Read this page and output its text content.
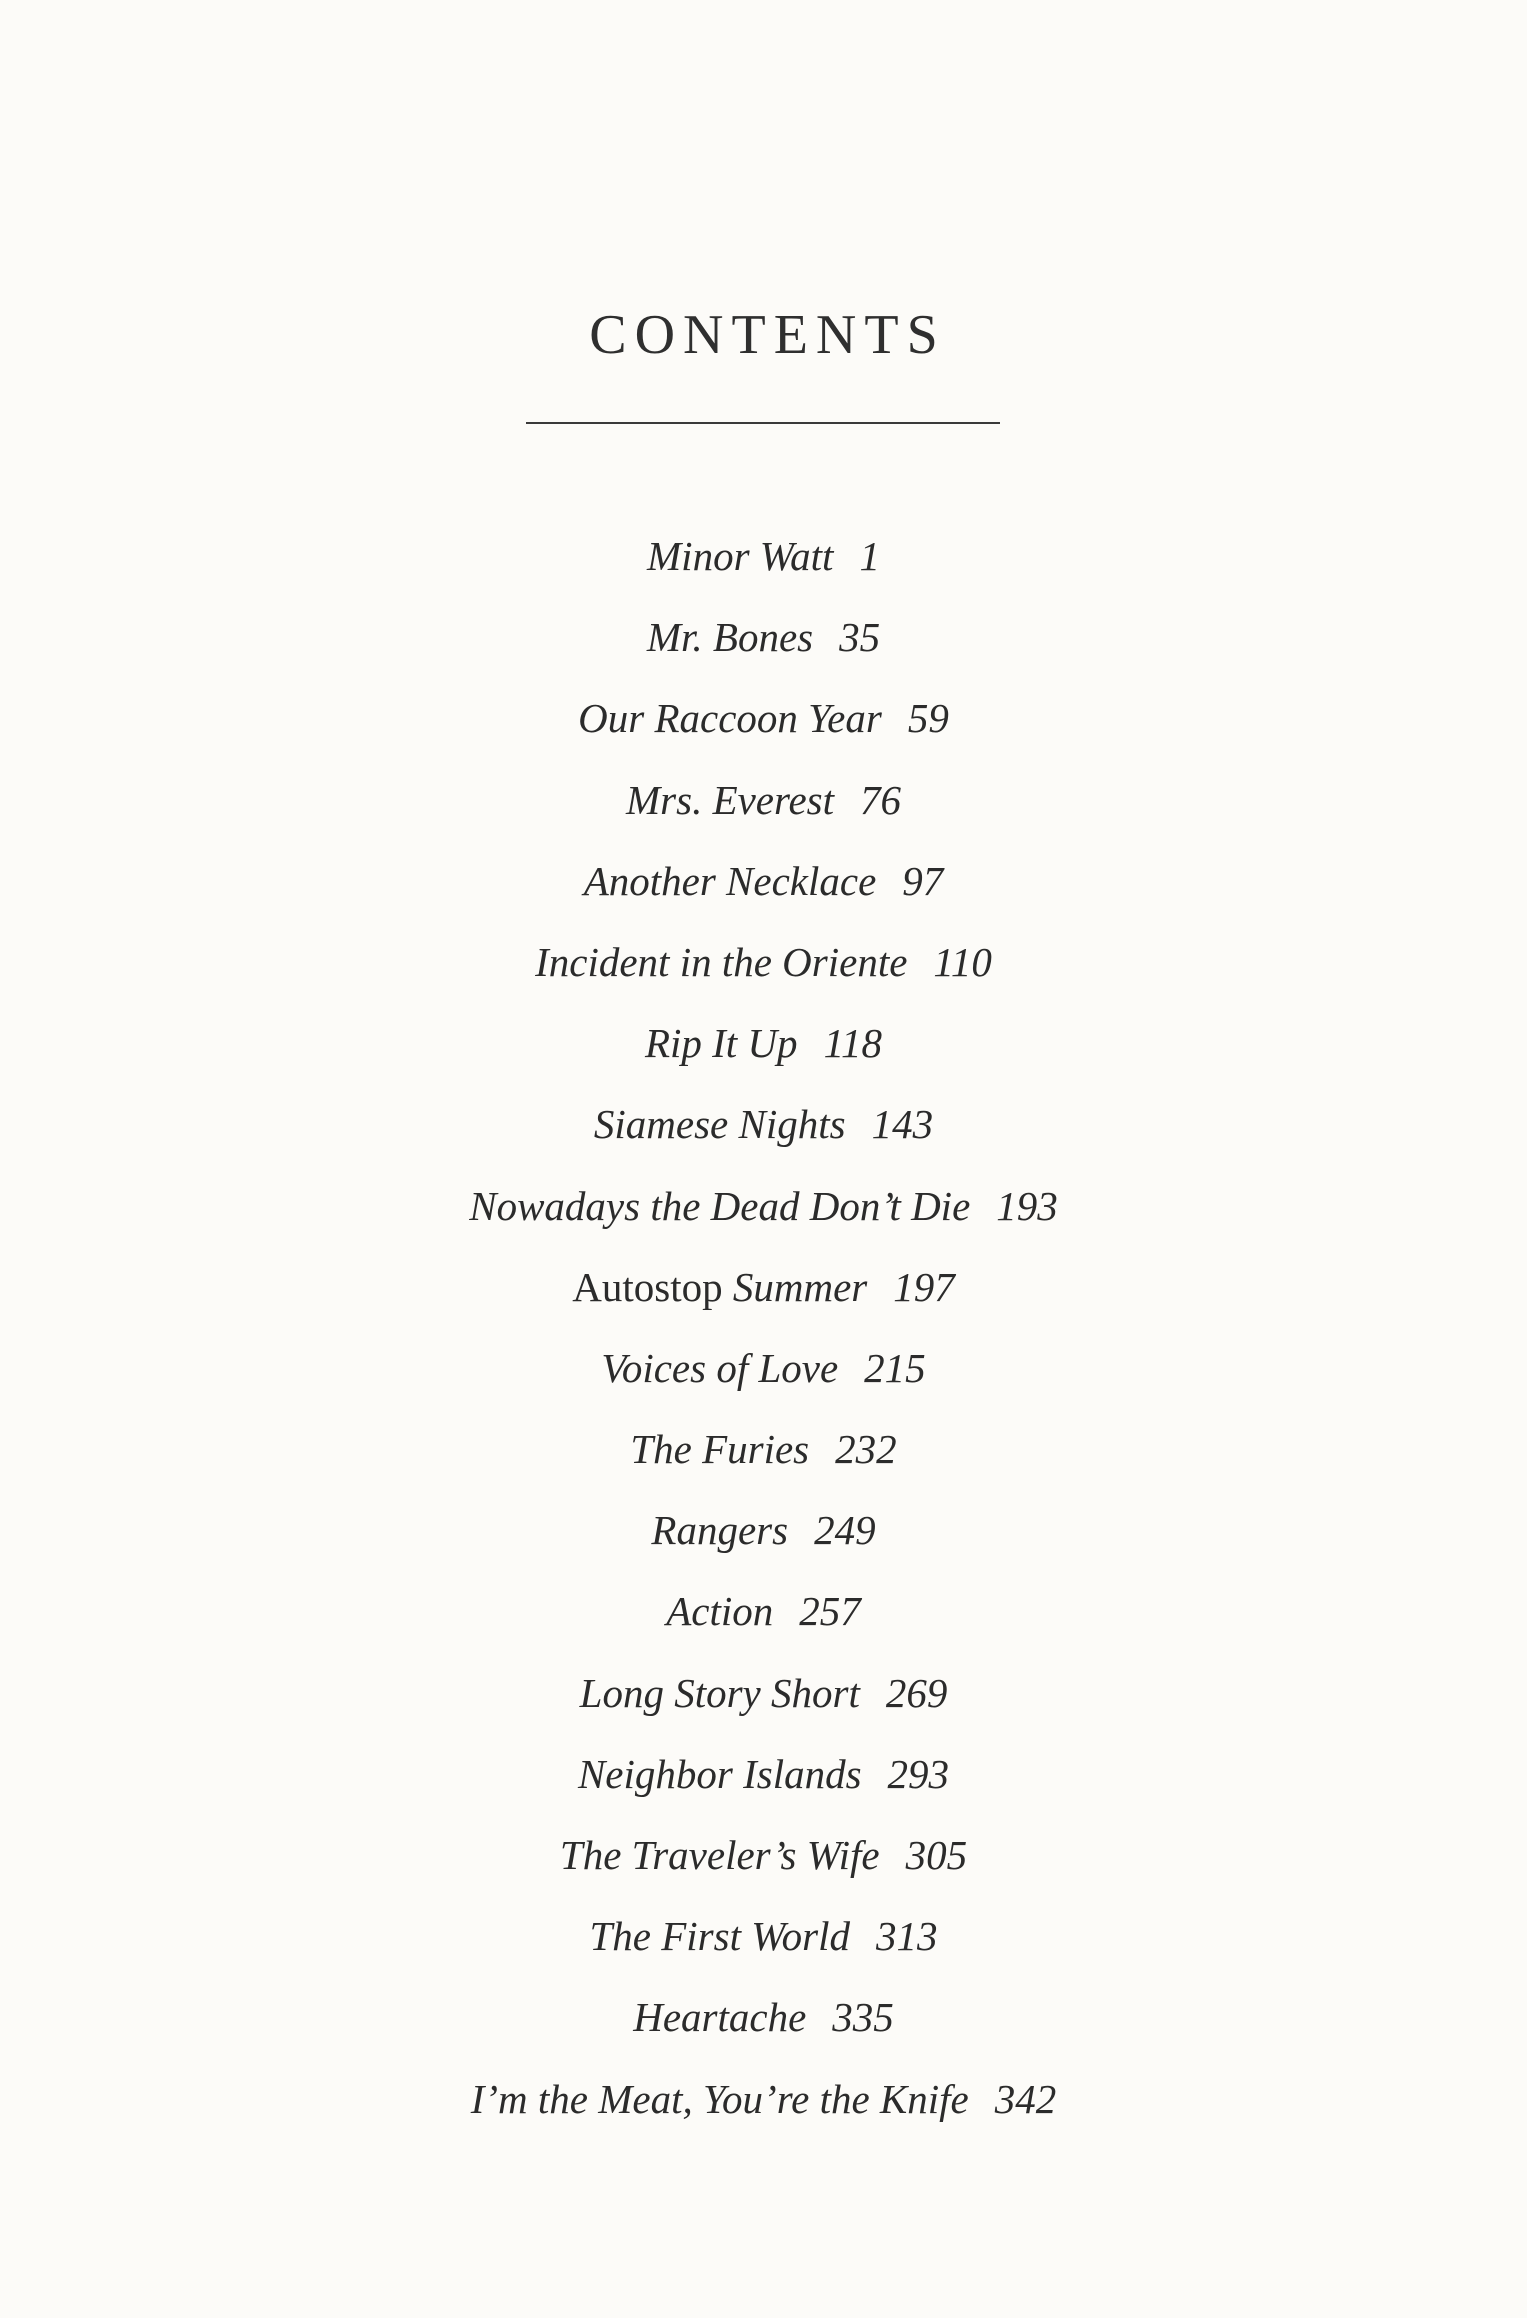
CONTENTS
Minor Watt 1
Mr. Bones 35
Our Raccoon Year 59
Mrs. Everest 76
Another Necklace 97
Incident in the Oriente 110
Rip It Up 118
Siamese Nights 143
Nowadays the Dead Don’t Die 193
Autostop Summer 197
Voices of Love 215
The Furies 232
Rangers 249
Action 257
Long Story Short 269
Neighbor Islands 293
The Traveler’s Wife 305
The First World 313
Heartache 335
I’m the Meat, You’re the Knife 342
